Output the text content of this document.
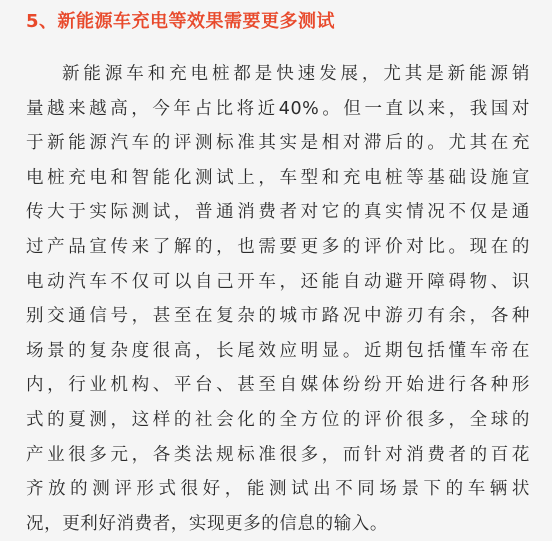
5、新能源车充电等效果需要更多测试
新能源车和充电桩都是快速发展，尤其是新能源销
量越来越高，今年占比将近40%。但一直以来，我国对
于新能源汽车的评测标准其实是相对滞后的。尤其在充
电桩充电和智能化测试上，车型和充电桩等基础设施宣
传大于实际测试，普通消费者对它的真实情况不仅是通
过产品宣传来了解的，也需要更多的评价对比。现在的
电动汽车不仅可以自己开车，还能自动避开障碍物、识
别交通信号，甚至在复杂的城市路况中游刃有余，各种
场景的复杂度很高，长尾效应明显。近期包括懂车帝在
内，行业机构、平台、甚至自媒体纷纷开始进行各种形
式的夏测，这样的社会化的全方位的评价很多，全球的
产业很多元，各类法规标准很多，而针对消费者的百花
齐放的测评形式很好，能测试出不同场景下的车辆状
况，更利好消费者，实现更多的信息的输入。
